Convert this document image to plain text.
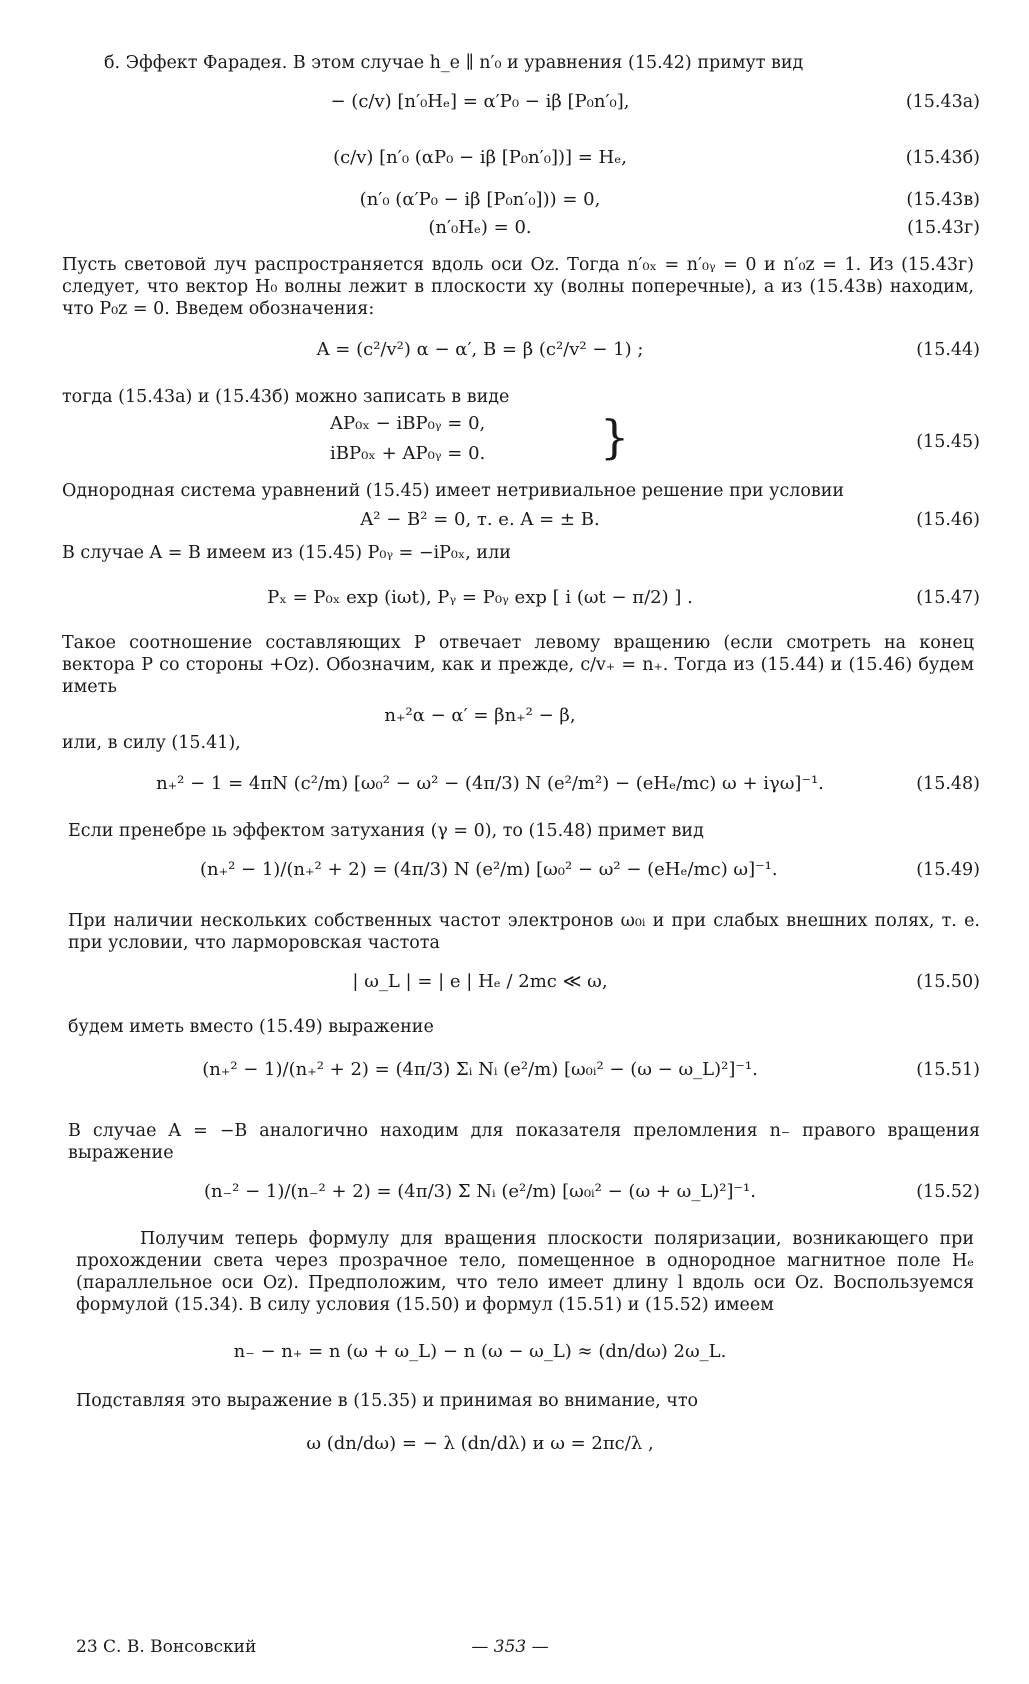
б. Эффект Фарадея. В этом случае h_e ∥ n′₀ и уравнения (15.42) примут вид
− (c/v) [n′₀Hₑ] = α′P₀ − iβ [P₀n′₀],	(15.43а)
(c/v) [n′₀ (αP₀ − iβ [P₀n′₀])] = Hₑ,	(15.43б)
(n′₀ (α′P₀ − iβ [P₀n′₀])) = 0,	(15.43в)
(n′₀Hₑ) = 0.	(15.43г)
Пусть световой луч распространяется вдоль оси Oz. Тогда n′₀ₓ = n′₀ᵧ = 0 и n′₀z = 1. Из (15.43г) следует, что вектор H₀ волны лежит в плоскости xy (волны поперечные), а из (15.43в) находим, что P₀z = 0. Введем обозначения:
A = (c²/v²) α − α′, B = β (c²/v² − 1) ;	(15.44)
тогда (15.43а) и (15.43б) можно записать в виде
AP₀ₓ − iBP₀ᵧ = 0,
iBP₀ₓ + AP₀ᵧ = 0.	}	(15.45)
Однородная система уравнений (15.45) имеет нетривиальное решение при условии
A² − B² = 0, т. е. A = ± B.	(15.46)
В случае A = B имеем из (15.45) P₀ᵧ = −iP₀ₓ, или
Pₓ = P₀ₓ exp (iωt), Pᵧ = P₀ᵧ exp [ i (ωt − π/2) ] .	(15.47)
Такое соотношение составляющих P отвечает левому вращению (если смотреть на конец вектора P со стороны +Oz). Обозначим, как и прежде, c/v₊ = n₊. Тогда из (15.44) и (15.46) будем иметь
n₊²α − α′ = βn₊² − β,
или, в силу (15.41),
n₊² − 1 = 4πN (c²/m) [ω₀² − ω² − (4π/3) N (e²/m²) − (eHₑ/mc) ω + iγω]⁻¹.	(15.48)
Если пренебре ıь эффектом затухания (γ = 0), то (15.48) примет вид
(n₊² − 1)/(n₊² + 2) = (4π/3) N (e²/m) [ω₀² − ω² − (eHₑ/mc) ω]⁻¹.	(15.49)
При наличии нескольких собственных частот электронов ω₀ᵢ и при слабых внешних полях, т. е. при условии, что ларморовская частота
| ω_L | = | e | Hₑ / 2mc ≪ ω,	(15.50)
будем иметь вместо (15.49) выражение
(n₊² − 1)/(n₊² + 2) = (4π/3) Σᵢ Nᵢ (e²/m) [ω₀ᵢ² − (ω − ω_L)²]⁻¹.	(15.51)
В случае A = −B аналогично находим для показателя преломления n₋ правого вращения выражение
(n₋² − 1)/(n₋² + 2) = (4π/3) Σ Nᵢ (e²/m) [ω₀ᵢ² − (ω + ω_L)²]⁻¹.	(15.52)
Получим теперь формулу для вращения плоскости поляризации, возникающего при прохождении света через прозрачное тело, помещенное в однородное магнитное поле Hₑ (параллельное оси Oz). Предположим, что тело имеет длину l вдоль оси Oz. Воспользуемся формулой (15.34). В силу условия (15.50) и формул (15.51) и (15.52) имеем
n₋ − n₊ = n (ω + ω_L) − n (ω − ω_L) ≈ (dn/dω) 2ω_L.
Подставляя это выражение в (15.35) и принимая во внимание, что
ω (dn/dω) = − λ (dn/dλ) и ω = 2πc/λ ,
23 С. В. Вонсовский	— 353 —
